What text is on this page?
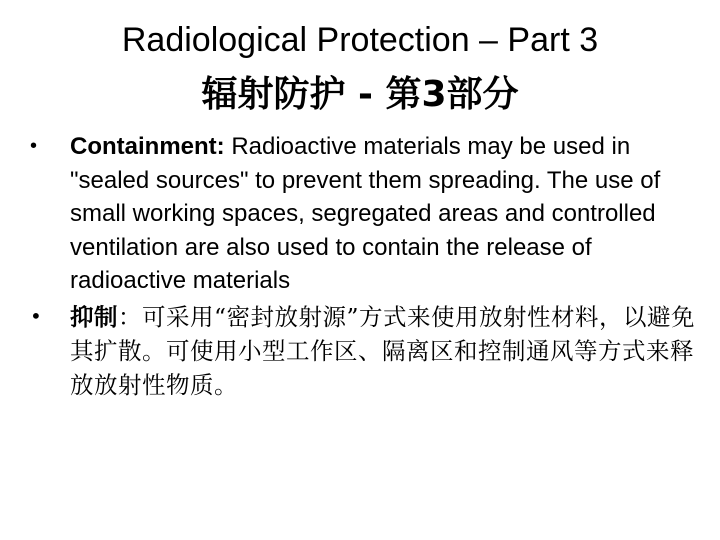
Radiological Protection – Part 3
辐射防护 - 第3部分
• Containment: Radioactive materials may be used in "sealed sources" to prevent them spreading. The use of small working spaces, segregated areas and controlled ventilation are also used to contain the release of radioactive materials
• 抑制：可采用“密封放射源”方式来使用放射性材料，以避免其扩散。可使用小型工作区、隔离区和控制通风等方式来释放放射性物质。
